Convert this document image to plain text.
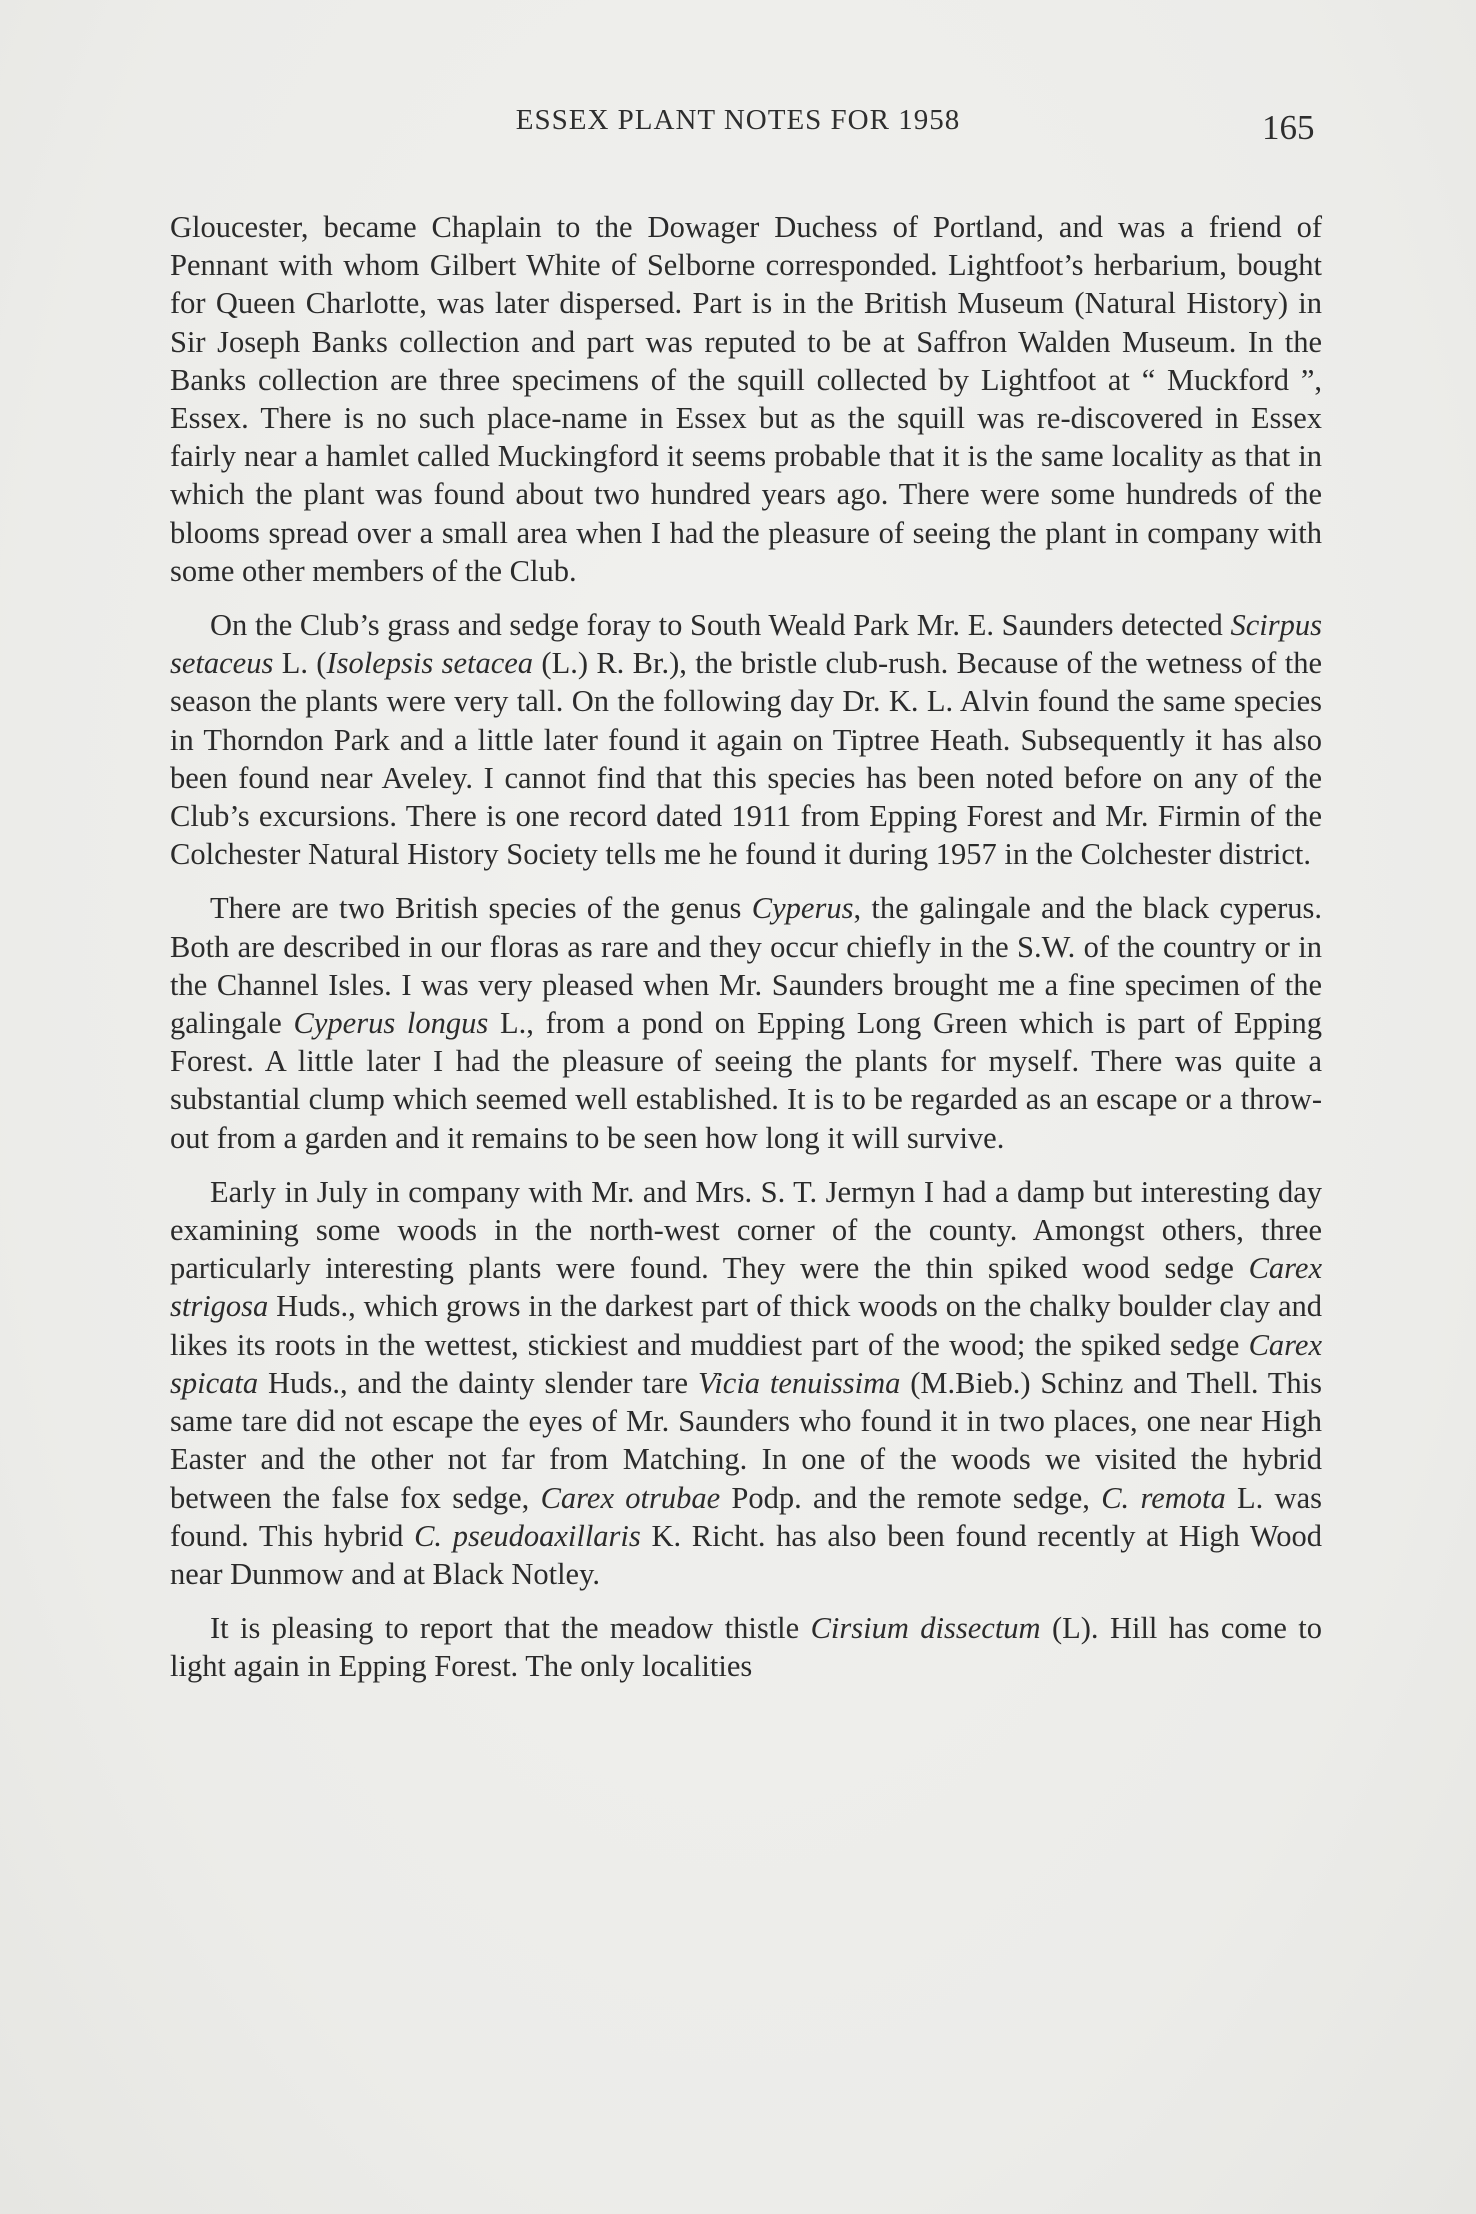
ESSEX PLANT NOTES FOR 1958	165

Gloucester, became Chaplain to the Dowager Duchess of Portland, and was a friend of Pennant with whom Gilbert White of Selborne corresponded. Lightfoot’s herbarium, bought for Queen Charlotte, was later dispersed. Part is in the British Museum (Natural History) in Sir Joseph Banks collection and part was reputed to be at Saffron Walden Museum. In the Banks collection are three specimens of the squill collected by Lightfoot at “ Muckford ”, Essex. There is no such place-name in Essex but as the squill was re-discovered in Essex fairly near a hamlet called Muckingford it seems probable that it is the same locality as that in which the plant was found about two hundred years ago. There were some hundreds of the blooms spread over a small area when I had the pleasure of seeing the plant in company with some other members of the Club.

On the Club’s grass and sedge foray to South Weald Park Mr. E. Saunders detected Scirpus setaceus L. (Isolepsis setacea (L.) R. Br.), the bristle club-rush. Because of the wetness of the season the plants were very tall. On the following day Dr. K. L. Alvin found the same species in Thorndon Park and a little later found it again on Tiptree Heath. Subsequently it has also been found near Aveley. I cannot find that this species has been noted before on any of the Club’s excursions. There is one record dated 1911 from Epping Forest and Mr. Firmin of the Colchester Natural History Society tells me he found it during 1957 in the Colchester district.

There are two British species of the genus Cyperus, the galingale and the black cyperus. Both are described in our floras as rare and they occur chiefly in the S.W. of the country or in the Channel Isles. I was very pleased when Mr. Saunders brought me a fine specimen of the galingale Cyperus longus L., from a pond on Epping Long Green which is part of Epping Forest. A little later I had the pleasure of seeing the plants for myself. There was quite a substantial clump which seemed well established. It is to be regarded as an escape or a throw-out from a garden and it remains to be seen how long it will survive.

Early in July in company with Mr. and Mrs. S. T. Jermyn I had a damp but interesting day examining some woods in the north-west corner of the county. Amongst others, three particularly interesting plants were found. They were the thin spiked wood sedge Carex strigosa Huds., which grows in the darkest part of thick woods on the chalky boulder clay and likes its roots in the wettest, stickiest and muddiest part of the wood; the spiked sedge Carex spicata Huds., and the dainty slender tare Vicia tenuissima (M.Bieb.) Schinz and Thell. This same tare did not escape the eyes of Mr. Saunders who found it in two places, one near High Easter and the other not far from Matching. In one of the woods we visited the hybrid between the false fox sedge, Carex otrubae Podp. and the remote sedge, C. remota L. was found. This hybrid C. pseudoaxillaris K. Richt. has also been found recently at High Wood near Dunmow and at Black Notley.

It is pleasing to report that the meadow thistle Cirsium dissectum (L). Hill has come to light again in Epping Forest. The only localities
